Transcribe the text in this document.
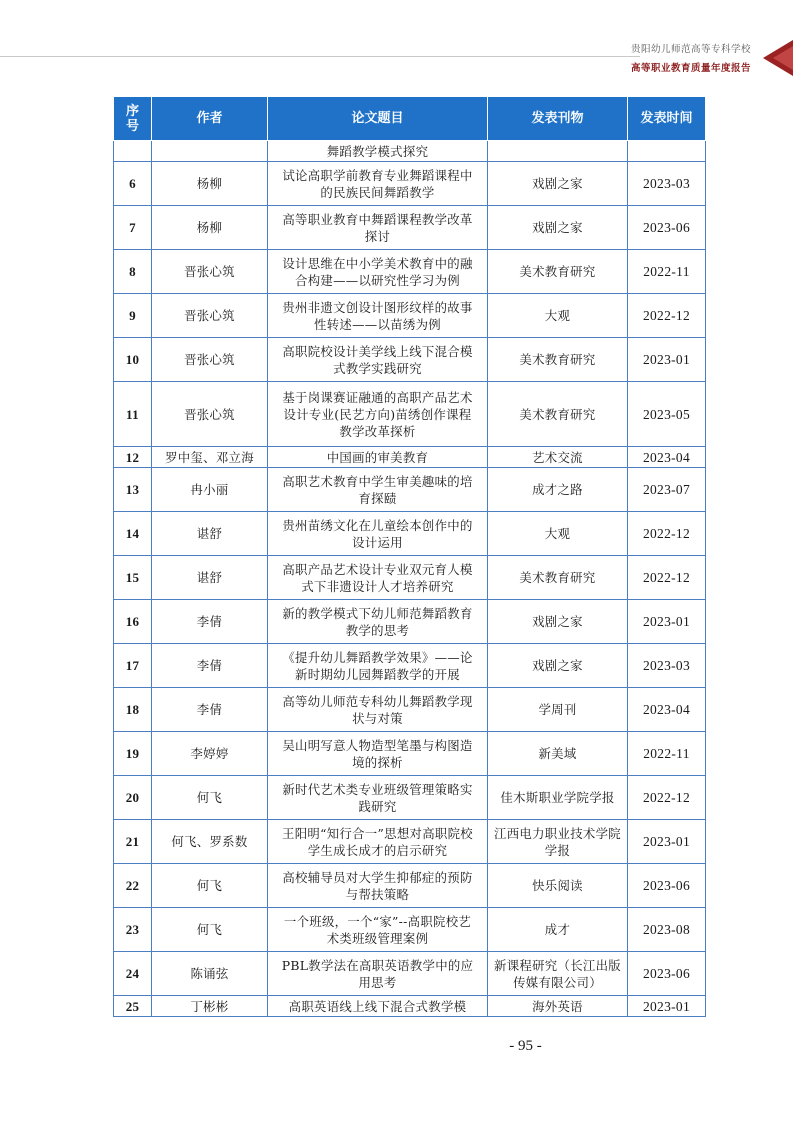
贵阳幼儿师范高等专科学校
高等职业教育质量年度报告
序号	作者	论文题目	发表刊物	发表时间
		舞蹈教学模式探究		
6	杨柳	试论高职学前教育专业舞蹈课程中的民族民间舞蹈教学	戏剧之家	2023-03
7	杨柳	高等职业教育中舞蹈课程教学改革探讨	戏剧之家	2023-06
8	晋张心筑	设计思维在中小学美术教育中的融合构建——以研究性学习为例	美术教育研究	2022-11
9	晋张心筑	贵州非遗文创设计图形纹样的故事性转述——以苗绣为例	大观	2022-12
10	晋张心筑	高职院校设计美学线上线下混合模式教学实践研究	美术教育研究	2023-01
11	晋张心筑	基于岗课赛证融通的高职产品艺术设计专业(民艺方向)苗绣创作课程教学改革探析	美术教育研究	2023-05
12	罗中玺、邓立海	中国画的审美教育	艺术交流	2023-04
13	冉小丽	高职艺术教育中学生审美趣味的培育探赜	成才之路	2023-07
14	谌舒	贵州苗绣文化在儿童绘本创作中的设计运用	大观	2022-12
15	谌舒	高职产品艺术设计专业双元育人模式下非遗设计人才培养研究	美术教育研究	2022-12
16	李倩	新的教学模式下幼儿师范舞蹈教育教学的思考	戏剧之家	2023-01
17	李倩	《提升幼儿舞蹈教学效果》——论新时期幼儿园舞蹈教学的开展	戏剧之家	2023-03
18	李倩	高等幼儿师范专科幼儿舞蹈教学现状与对策	学周刊	2023-04
19	李婷婷	吴山明写意人物造型笔墨与构图造境的探析	新美域	2022-11
20	何飞	新时代艺术类专业班级管理策略实践研究	佳木斯职业学院学报	2022-12
21	何飞、罗系数	王阳明“知行合一”思想对高职院校学生成长成才的启示研究	江西电力职业技术学院学报	2023-01
22	何飞	高校辅导员对大学生抑郁症的预防与帮扶策略	快乐阅读	2023-06
23	何飞	一个班级，一个“家”--高职院校艺术类班级管理案例	成才	2023-08
24	陈诵弦	PBL教学法在高职英语教学中的应用思考	新课程研究（长江出版传媒有限公司）	2023-06
25	丁彬彬	高职英语线上线下混合式教学模	海外英语	2023-01
- 95 -
